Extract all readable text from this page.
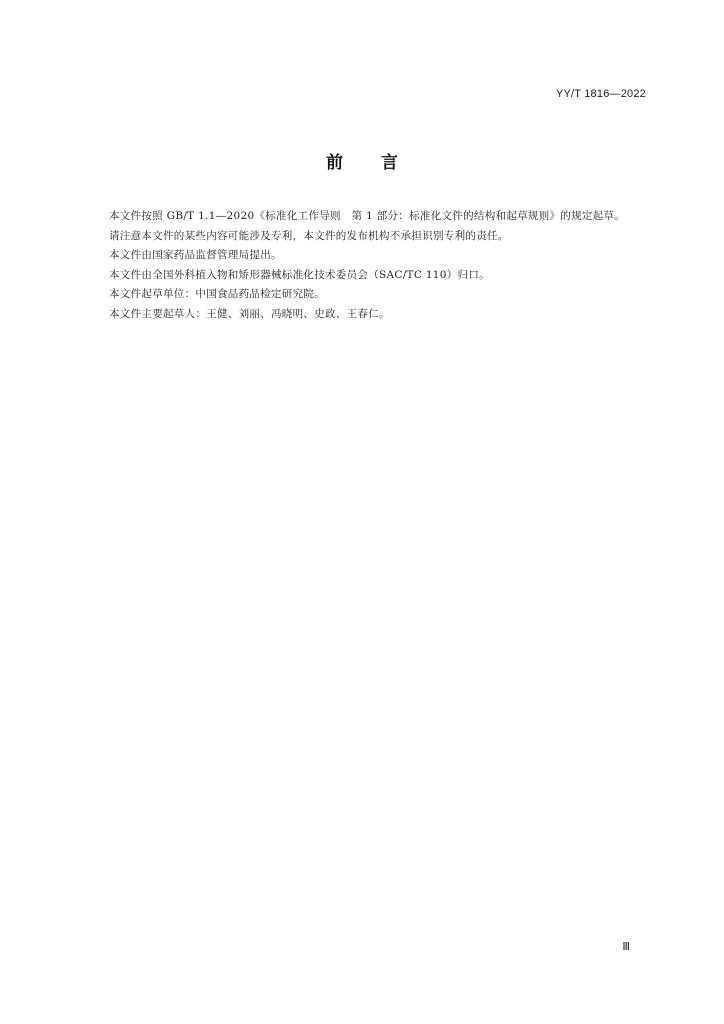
YY/T 1816—2022
前言

本文件按照 GB/T 1.1—2020《标准化工作导则　第 1 部分：标准化文件的结构和起草规则》的规定起草。

请注意本文件的某些内容可能涉及专利，本文件的发布机构不承担识别专利的责任。

本文件由国家药品监督管理局提出。

本文件由全国外科植入物和矫形器械标准化技术委员会（SAC/TC 110）归口。

本文件起草单位：中国食品药品检定研究院。

本文件主要起草人：王健、刘丽、冯晓明、史政、王春仁。

Ⅲ
